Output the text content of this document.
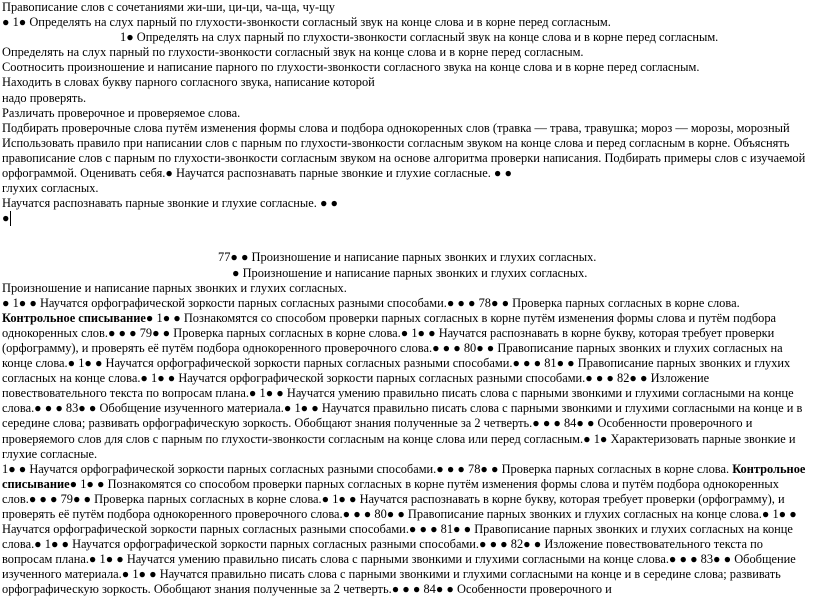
Правописание слов с сочетаниями жи-ши, ци-ци, ча-ща, чу-щу
● 1● Определять на слух парный по глухости-звонкости согласный звук на конце слова и в корне перед согласным.
1● Определять на слух парный по глухости-звонкости согласный звук на конце слова и в корне перед согласным.
Определять на слух парный по глухости-звонкости согласный звук на конце слова и в корне перед согласным.
Соотносить произношение и написание парного по глухости-звонкости согласного звука на конце слова и в корне перед согласным.
Находить в словах букву парного согласного звука, написание которой
надо проверять.
Различать проверочное и проверяемое слова.
Подбирать проверочные слова путём изменения формы слова и подбора однокоренных слов (травка — трава, травушка; мороз — морозы, морозный
Использовать правило при написании слов с парным по глухости-звонкости согласным звуком на конце слова и перед согласным в корне. Объяснять правописание слов с парным по глухости-звонкости согласным звуком на основе алгоритма проверки написания. Подбирать примеры слов с изучаемой орфограммой. Оценивать себя.● Научатся распознавать парные звонкие и глухие согласные. ● ●
глухих согласных.
Научатся распознавать парные звонкие и глухие согласные. ● ●
●
77● ● Произношение и написание парных звонких и глухих согласных.
● Произношение и написание парных звонких и глухих согласных.
Произношение и написание парных звонких и глухих согласных.
● 1● ● Научатся орфографической зоркости парных согласных разными способами.● ● ● 78● ● Проверка парных согласных в корне слова. Контрольное списывание● 1● ● Познакомятся со способом проверки парных согласных в корне путём изменения формы слова и путём подбора однокоренных слов.● ● ● 79● ● Проверка парных согласных в корне слова.● 1● ● Научатся распознавать в корне букву, которая требует проверки (орфограмму), и проверять её путём подбора однокоренного проверочного слова.● ● ● 80● ● Правописание парных звонких и глухих согласных на конце слова.● 1● ● Научатся орфографической зоркости парных согласных разными способами.● ● ● 81● ● Правописание парных звонких и глухих согласных на конце слова.● 1● ● Научатся орфографической зоркости парных согласных разными способами.● ● ● 82● ● Изложение повествовательного текста по вопросам плана.● 1● ● Научатся умению правильно писать слова с парными звонкими и глухими согласными на конце слова.● ● ● 83● ● Обобщение изученного материала.● 1● ● Научатся правильно писать слова с парными звонкими и глухими согласными на конце и в середине слова; развивать орфографическую зоркость. Обобщают знания полученные за 2 четверть.● ● ● 84● ● Особенности проверочного и проверяемого слов для слов с парным по глухости-звонкости согласным на конце слова или перед согласным.● 1● Характеризовать парные звонкие и глухие согласные.
1● ● Научатся орфографической зоркости парных согласных разными способами.● ● ● 78● ● Проверка парных согласных в корне слова. Контрольное списывание● 1● ● Познакомятся со способом проверки парных согласных в корне путём изменения формы слова и путём подбора однокоренных слов.● ● ● 79● ● Проверка парных согласных в корне слова.● 1● ● Научатся распознавать в корне букву, которая требует проверки (орфограмму), и проверять её путём подбора однокоренного проверочного слова.● ● ● 80● ● Правописание парных звонких и глухих согласных на конце слова.● 1● ● Научатся орфографической зоркости парных согласных разными способами.● ● ● 81● ● Правописание парных звонких и глухих согласных на конце слова.● 1● ● Научатся орфографической зоркости парных согласных разными способами.● ● ● 82● ● Изложение повествовательного текста по вопросам плана.● 1● ● Научатся умению правильно писать слова с парными звонкими и глухими согласными на конце слова.● ● ● 83● ● Обобщение изученного материала.● 1● ● Научатся правильно писать слова с парными звонкими и глухими согласными на конце и в середине слова; развивать орфографическую зоркость. Обобщают знания полученные за 2 четверть.● ● ● 84● ● Особенности проверочного и
